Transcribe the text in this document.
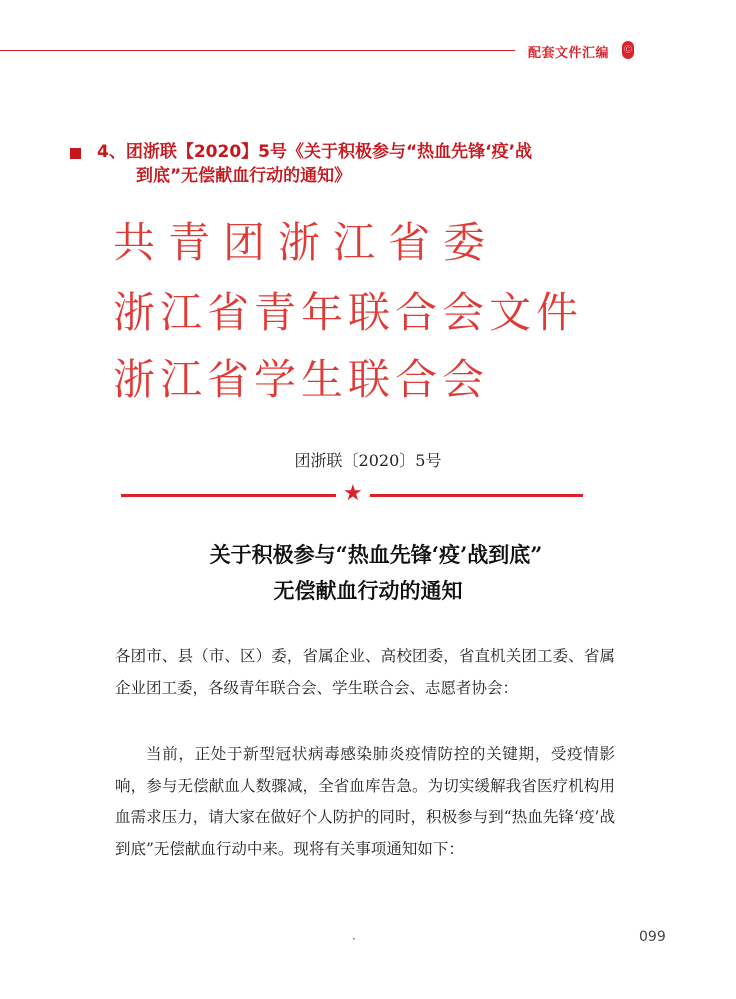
配套文件汇编 Ⓒ
4、团浙联【2020】5号《关于积极参与“热血先锋‘疫’战
到底”无偿献血行动的通知》
共青团浙江省委
浙江省青年联合会文件
浙江省学生联合会
团浙联〔2020〕5号
★
关于积极参与“热血先锋‘疫’战到底”
无偿献血行动的通知
各团市、县（市、区）委，省属企业、高校团委，省直机关团工委、省属企业团工委，各级青年联合会、学生联合会、志愿者协会：
当前，正处于新型冠状病毒感染肺炎疫情防控的关键期，受疫情影响，参与无偿献血人数骤减，全省血库告急。为切实缓解我省医疗机构用血需求压力，请大家在做好个人防护的同时，积极参与到“热血先锋‘疫’战到底”无偿献血行动中来。现将有关事项通知如下：
·	099
